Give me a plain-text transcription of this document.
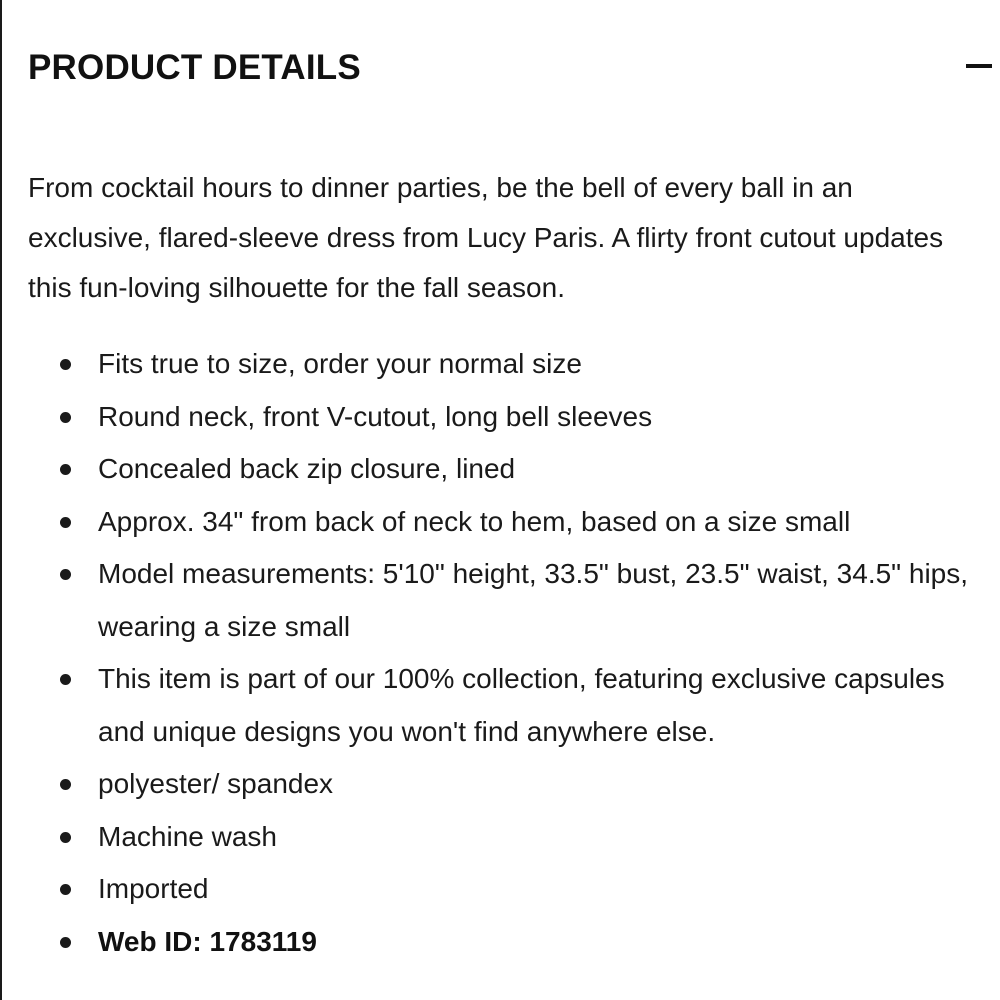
PRODUCT DETAILS

From cocktail hours to dinner parties, be the bell of every ball in an exclusive, flared-sleeve dress from Lucy Paris. A flirty front cutout updates this fun-loving silhouette for the fall season.

Fits true to size, order your normal size
Round neck, front V-cutout, long bell sleeves
Concealed back zip closure, lined
Approx. 34" from back of neck to hem, based on a size small
Model measurements: 5'10" height, 33.5" bust, 23.5" waist, 34.5" hips, wearing a size small
This item is part of our 100% collection, featuring exclusive capsules and unique designs you won't find anywhere else.
polyester/ spandex
Machine wash
Imported
Web ID: 1783119
